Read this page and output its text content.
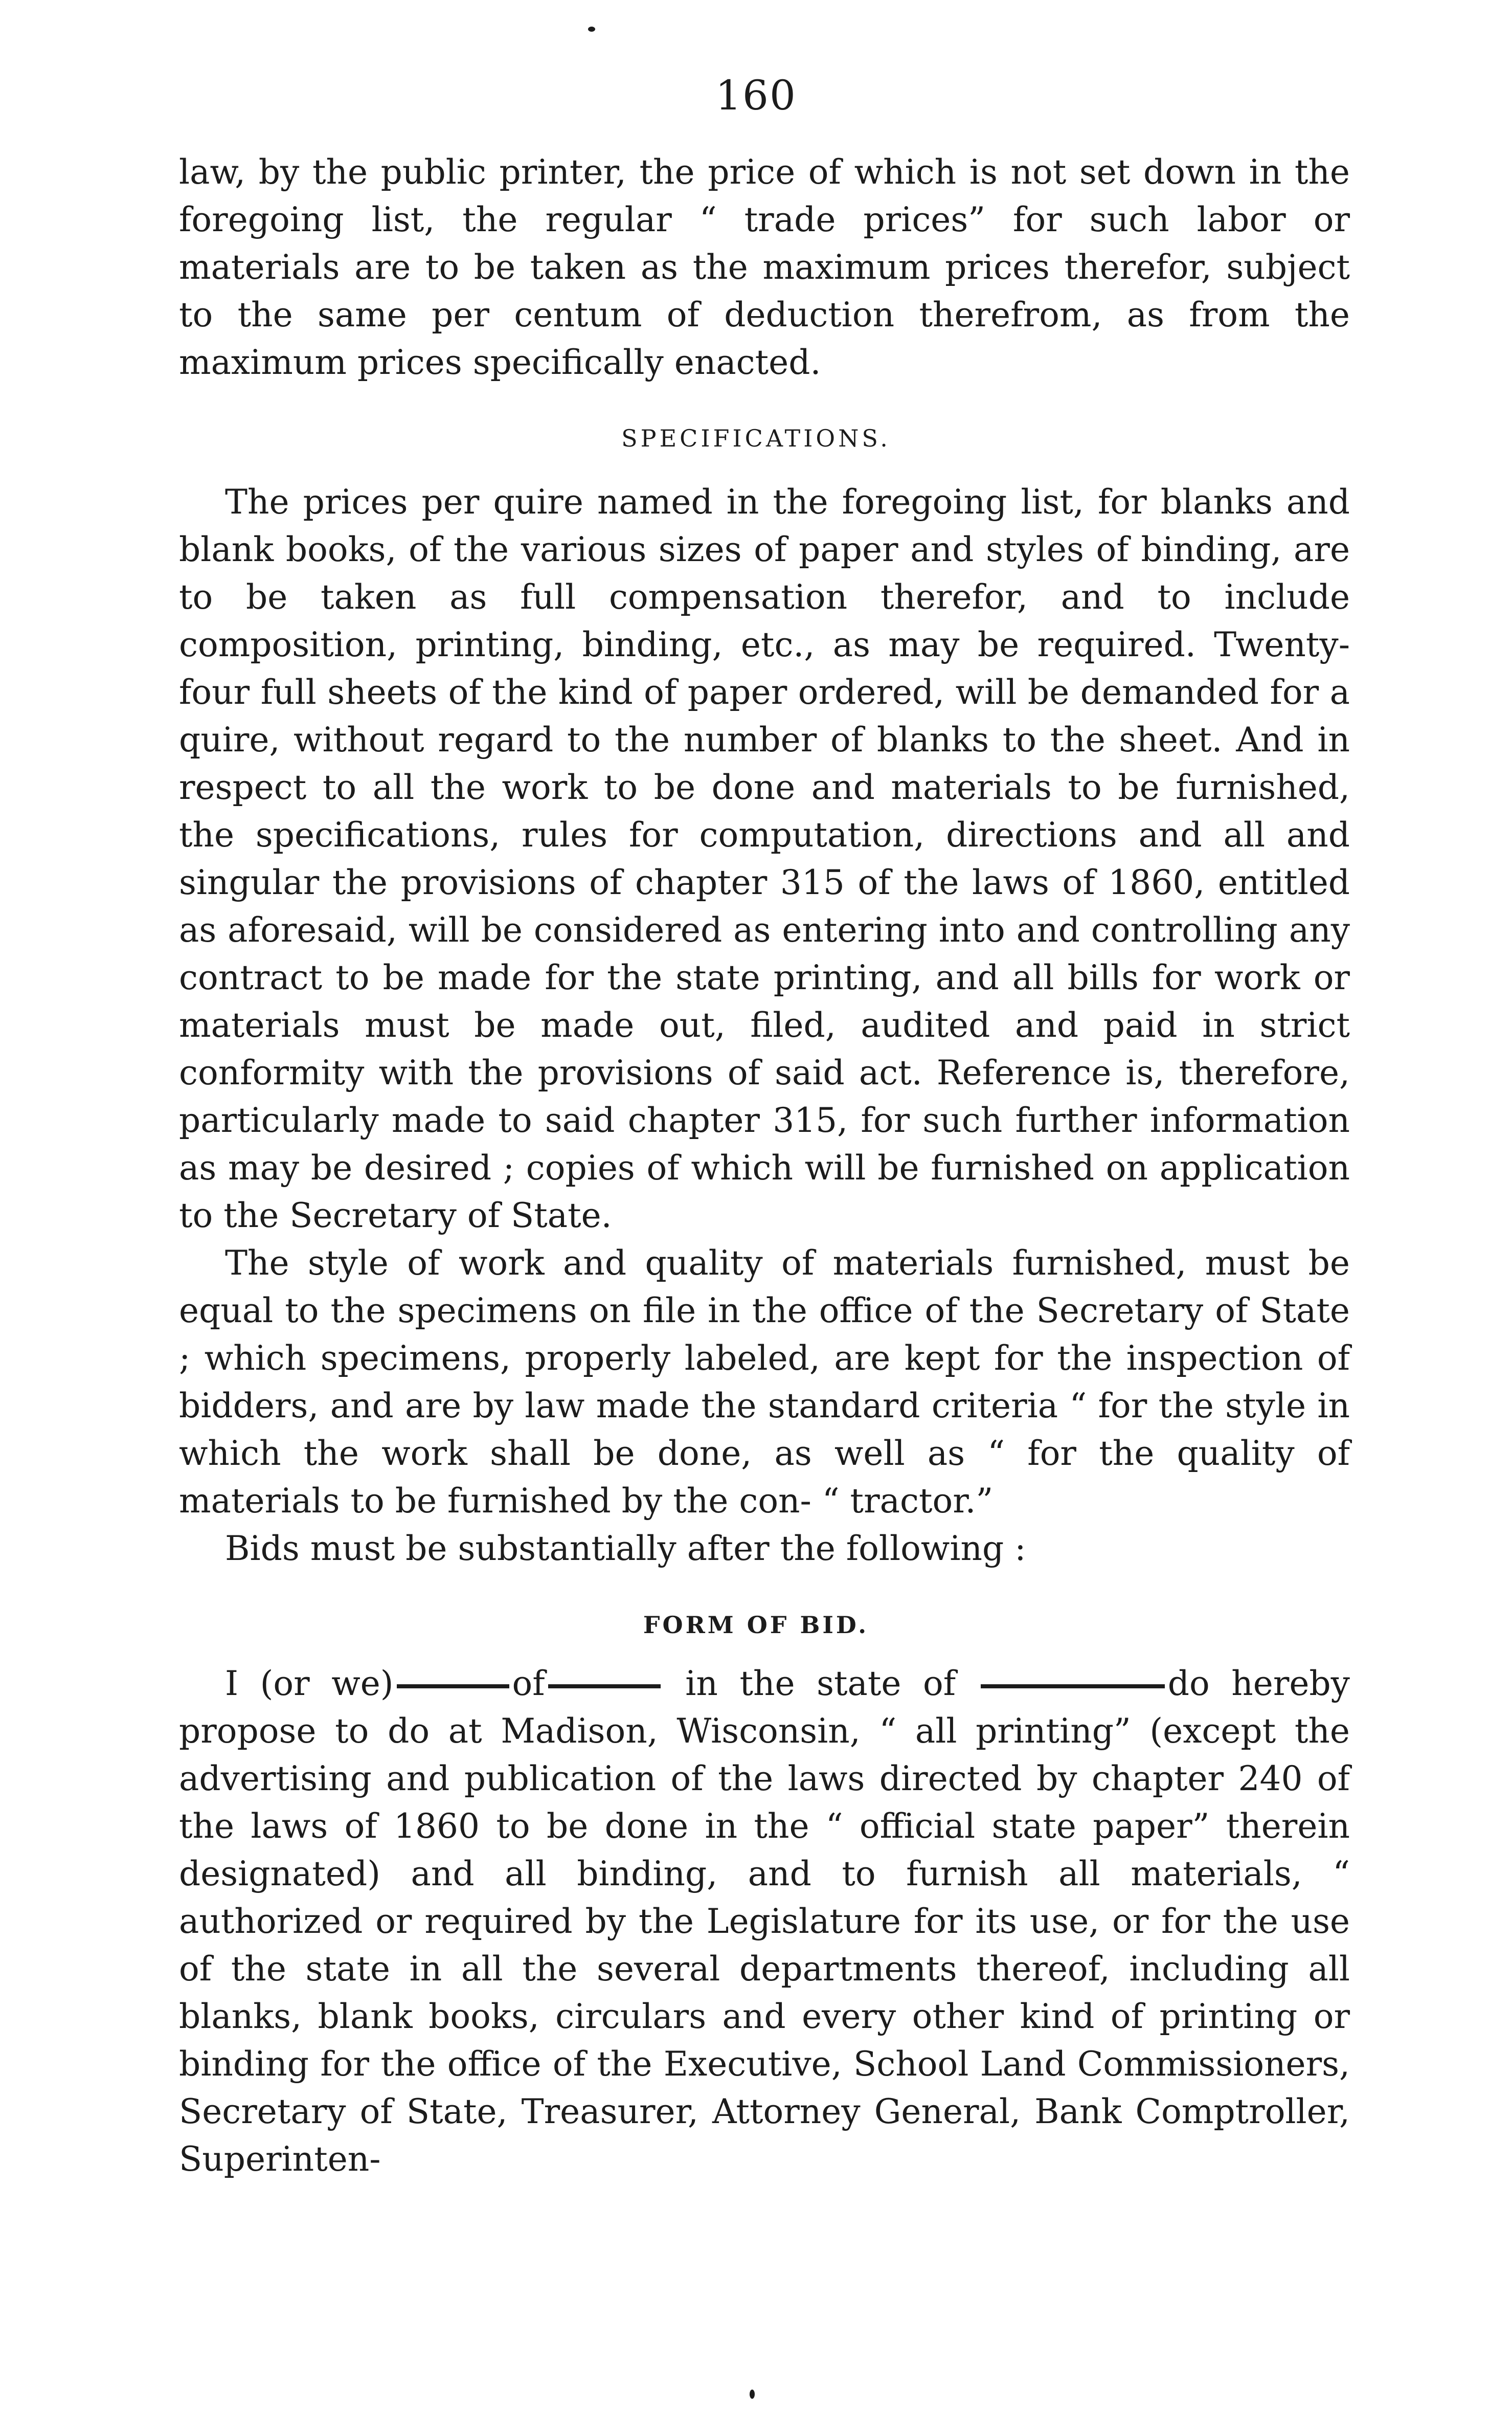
160

law, by the public printer, the price of which is not set down in the foregoing list, the regular “ trade prices” for such labor or materials are to be taken as the maximum prices therefor, subject to the same per centum of deduction therefrom, as from the maximum prices specifically enacted.

SPECIFICATIONS.

The prices per quire named in the foregoing list, for blanks and blank books, of the various sizes of paper and styles of binding, are to be taken as full compensation therefor, and to include composition, printing, binding, etc., as may be required. Twenty-four full sheets of the kind of paper ordered, will be demanded for a quire, without regard to the number of blanks to the sheet. And in respect to all the work to be done and materials to be furnished, the specifications, rules for computation, directions and all and singular the provisions of chapter 315 of the laws of 1860, entitled as aforesaid, will be considered as entering into and controlling any contract to be made for the state printing, and all bills for work or materials must be made out, filed, audited and paid in strict conformity with the provisions of said act. Reference is, therefore, particularly made to said chapter 315, for such further information as may be desired ; copies of which will be furnished on application to the Secretary of State.

The style of work and quality of materials furnished, must be equal to the specimens on file in the office of the Secretary of State ; which specimens, properly labeled, are kept for the inspection of bidders, and are by law made the standard criteria “ for the style in which the work shall be done, as well as “ for the quality of materials to be furnished by the con- “ tractor.”

Bids must be substantially after the following :

FORM OF BID.

I (or we)	of	in the state of	do hereby propose to do at Madison, Wisconsin, “ all printing” (except the advertising and publication of the laws directed by chapter 240 of the laws of 1860 to be done in the “ official state paper” therein designated) and all binding, and to furnish all materials, “ authorized or required by the Legislature for its use, or for the use of the state in all the several departments thereof, including all blanks, blank books, circulars and every other kind of printing or binding for the office of the Executive, School Land Commissioners, Secretary of State, Treasurer, Attorney General, Bank Comptroller, Superinten-
